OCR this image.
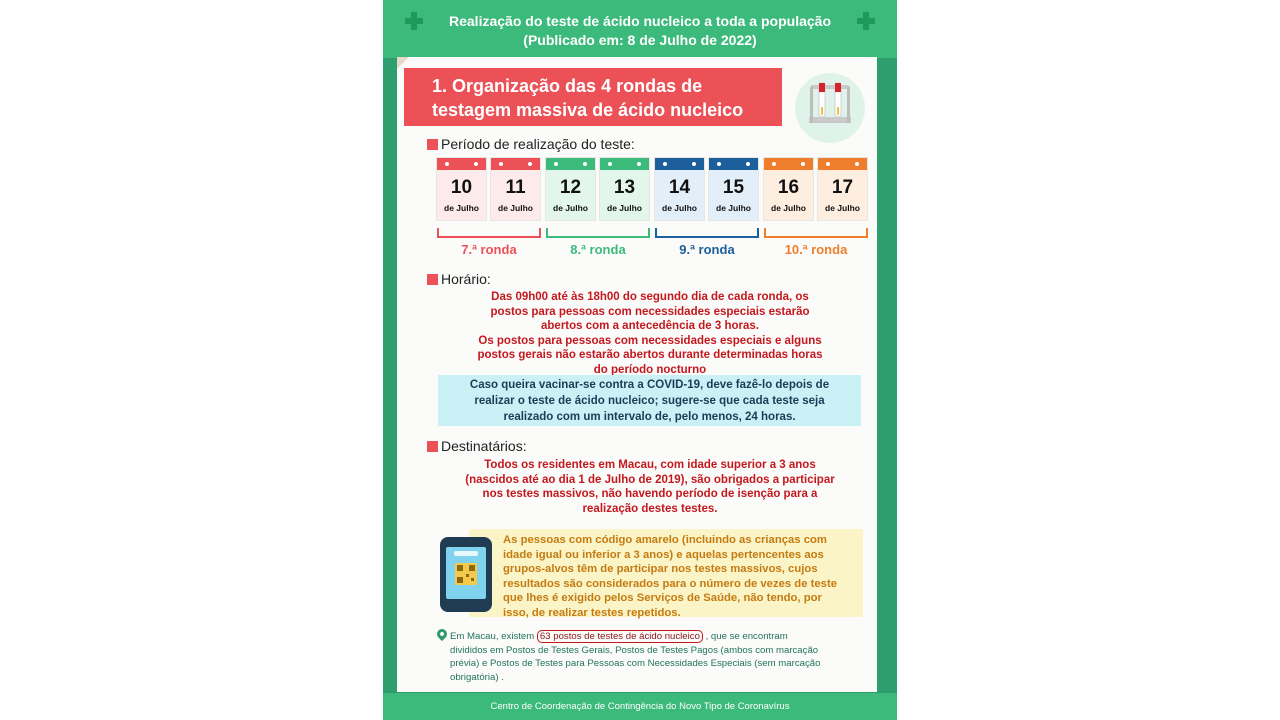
Realização do teste de ácido nucleico a toda a população
(Publicado em: 8 de Julho de 2022)
1. Organização das 4 rondas de
testagem massiva de ácido nucleico
Período de realização do teste:
10
de Julho
11
de Julho
12
de Julho
13
de Julho
14
de Julho
15
de Julho
16
de Julho
17
de Julho
7.ª ronda	8.ª ronda	9.ª ronda	10.ª ronda
Horário:
Das 09h00 até às 18h00 do segundo dia de cada ronda, os
postos para pessoas com necessidades especiais estarão
abertos com a antecedência de 3 horas.
Os postos para pessoas com necessidades especiais e alguns
postos gerais não estarão abertos durante determinadas horas
do período nocturno
Caso queira vacinar-se contra a COVID-19, deve fazê-lo depois de
realizar o teste de ácido nucleico; sugere-se que cada teste seja
realizado com um intervalo de, pelo menos, 24 horas.
Destinatários:
Todos os residentes em Macau, com idade superior a 3 anos
(nascidos até ao dia 1 de Julho de 2019), são obrigados a participar
nos testes massivos, não havendo período de isenção para a
realização destes testes.
As pessoas com código amarelo (incluindo as crianças com
idade igual ou inferior a 3 anos) e aquelas pertencentes aos
grupos-alvos têm de participar nos testes massivos, cujos
resultados são considerados para o número de vezes de teste
que lhes é exigido pelos Serviços de Saúde, não tendo, por
isso, de realizar testes repetidos.
Em Macau, existem 63 postos de testes de ácido nucleico , que se encontram
divididos em Postos de Testes Gerais, Postos de Testes Pagos (ambos com marcação
prévia) e Postos de Testes para Pessoas com Necessidades Especiais (sem marcação
obrigatória) .
Centro de Coordenação de Contingência do Novo Tipo de Coronavírus
